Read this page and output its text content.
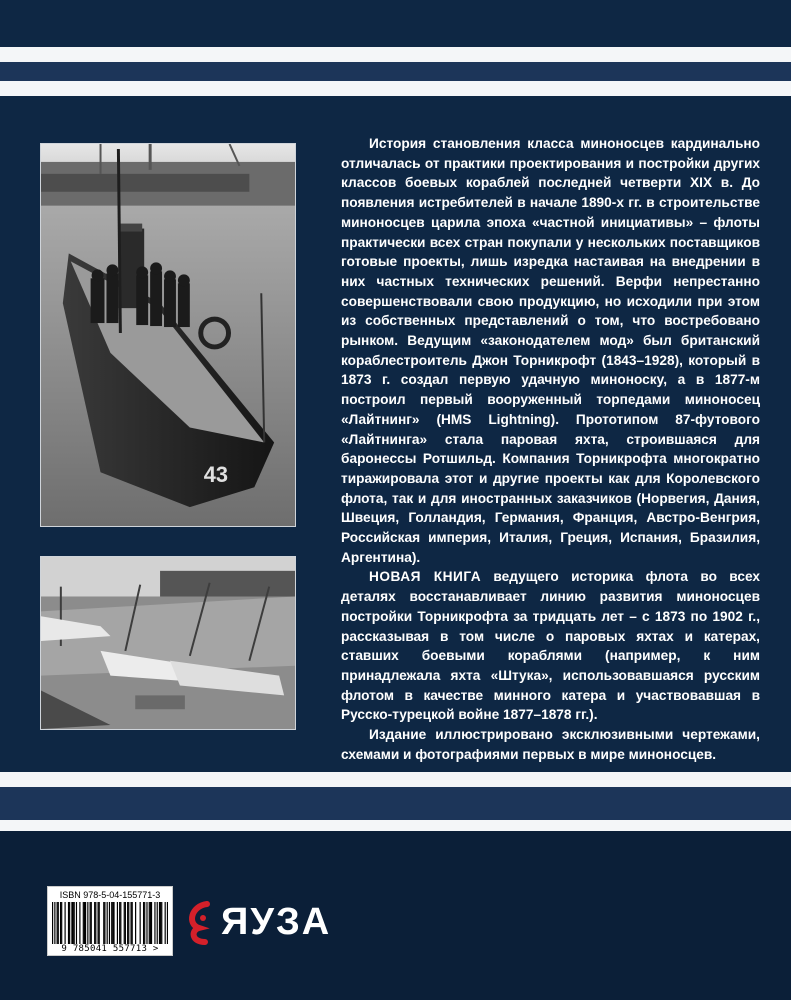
43

История становления класса миноносцев кардинально отличалась от практики проектирования и постройки других классов боевых кораблей последней четверти XIX в. До появления истребителей в начале 1890-х гг. в строительстве миноносцев царила эпоха «частной инициативы» – флоты практически всех стран покупали у нескольких поставщиков готовые проекты, лишь изредка настаивая на внедрении в них частных технических решений. Верфи непрестанно совершенствовали свою продукцию, но исходили при этом из собственных представлений о том, что востребовано рынком. Ведущим «законодателем мод» был британский кораблестроитель Джон Торникрофт (1843–1928), который в 1873 г. создал первую удачную миноноску, а в 1877-м построил первый вооруженный торпедами миноносец «Лайтнинг» (HMS Lightning). Прототипом 87-футового «Лайтнинга» стала паровая яхта, строившаяся для баронессы Ротшильд. Компания Торникрофта многократно тиражировала этот и другие проекты как для Королевского флота, так и для иностранных заказчиков (Норвегия, Дания, Швеция, Голландия, Германия, Франция, Австро-Венгрия, Российская империя, Италия, Греция, Испания, Бразилия, Аргентина).

НОВАЯ КНИГА ведущего историка флота во всех деталях восстанавливает линию развития миноносцев постройки Торникрофта за тридцать лет – с 1873 по 1902 г., рассказывая в том числе о паровых яхтах и катерах, ставших боевыми кораблями (например, к ним принадлежала яхта «Штука», использовавшаяся русским флотом в качестве минного катера и участвовавшая в Русско-турецкой войне 1877–1878 гг.).

Издание иллюстрировано эксклюзивными чертежами, схемами и фотографиями первых в мире миноносцев.

ISBN 978-5-04-155771-3
9 785041 557713 >
ЯУЗА
